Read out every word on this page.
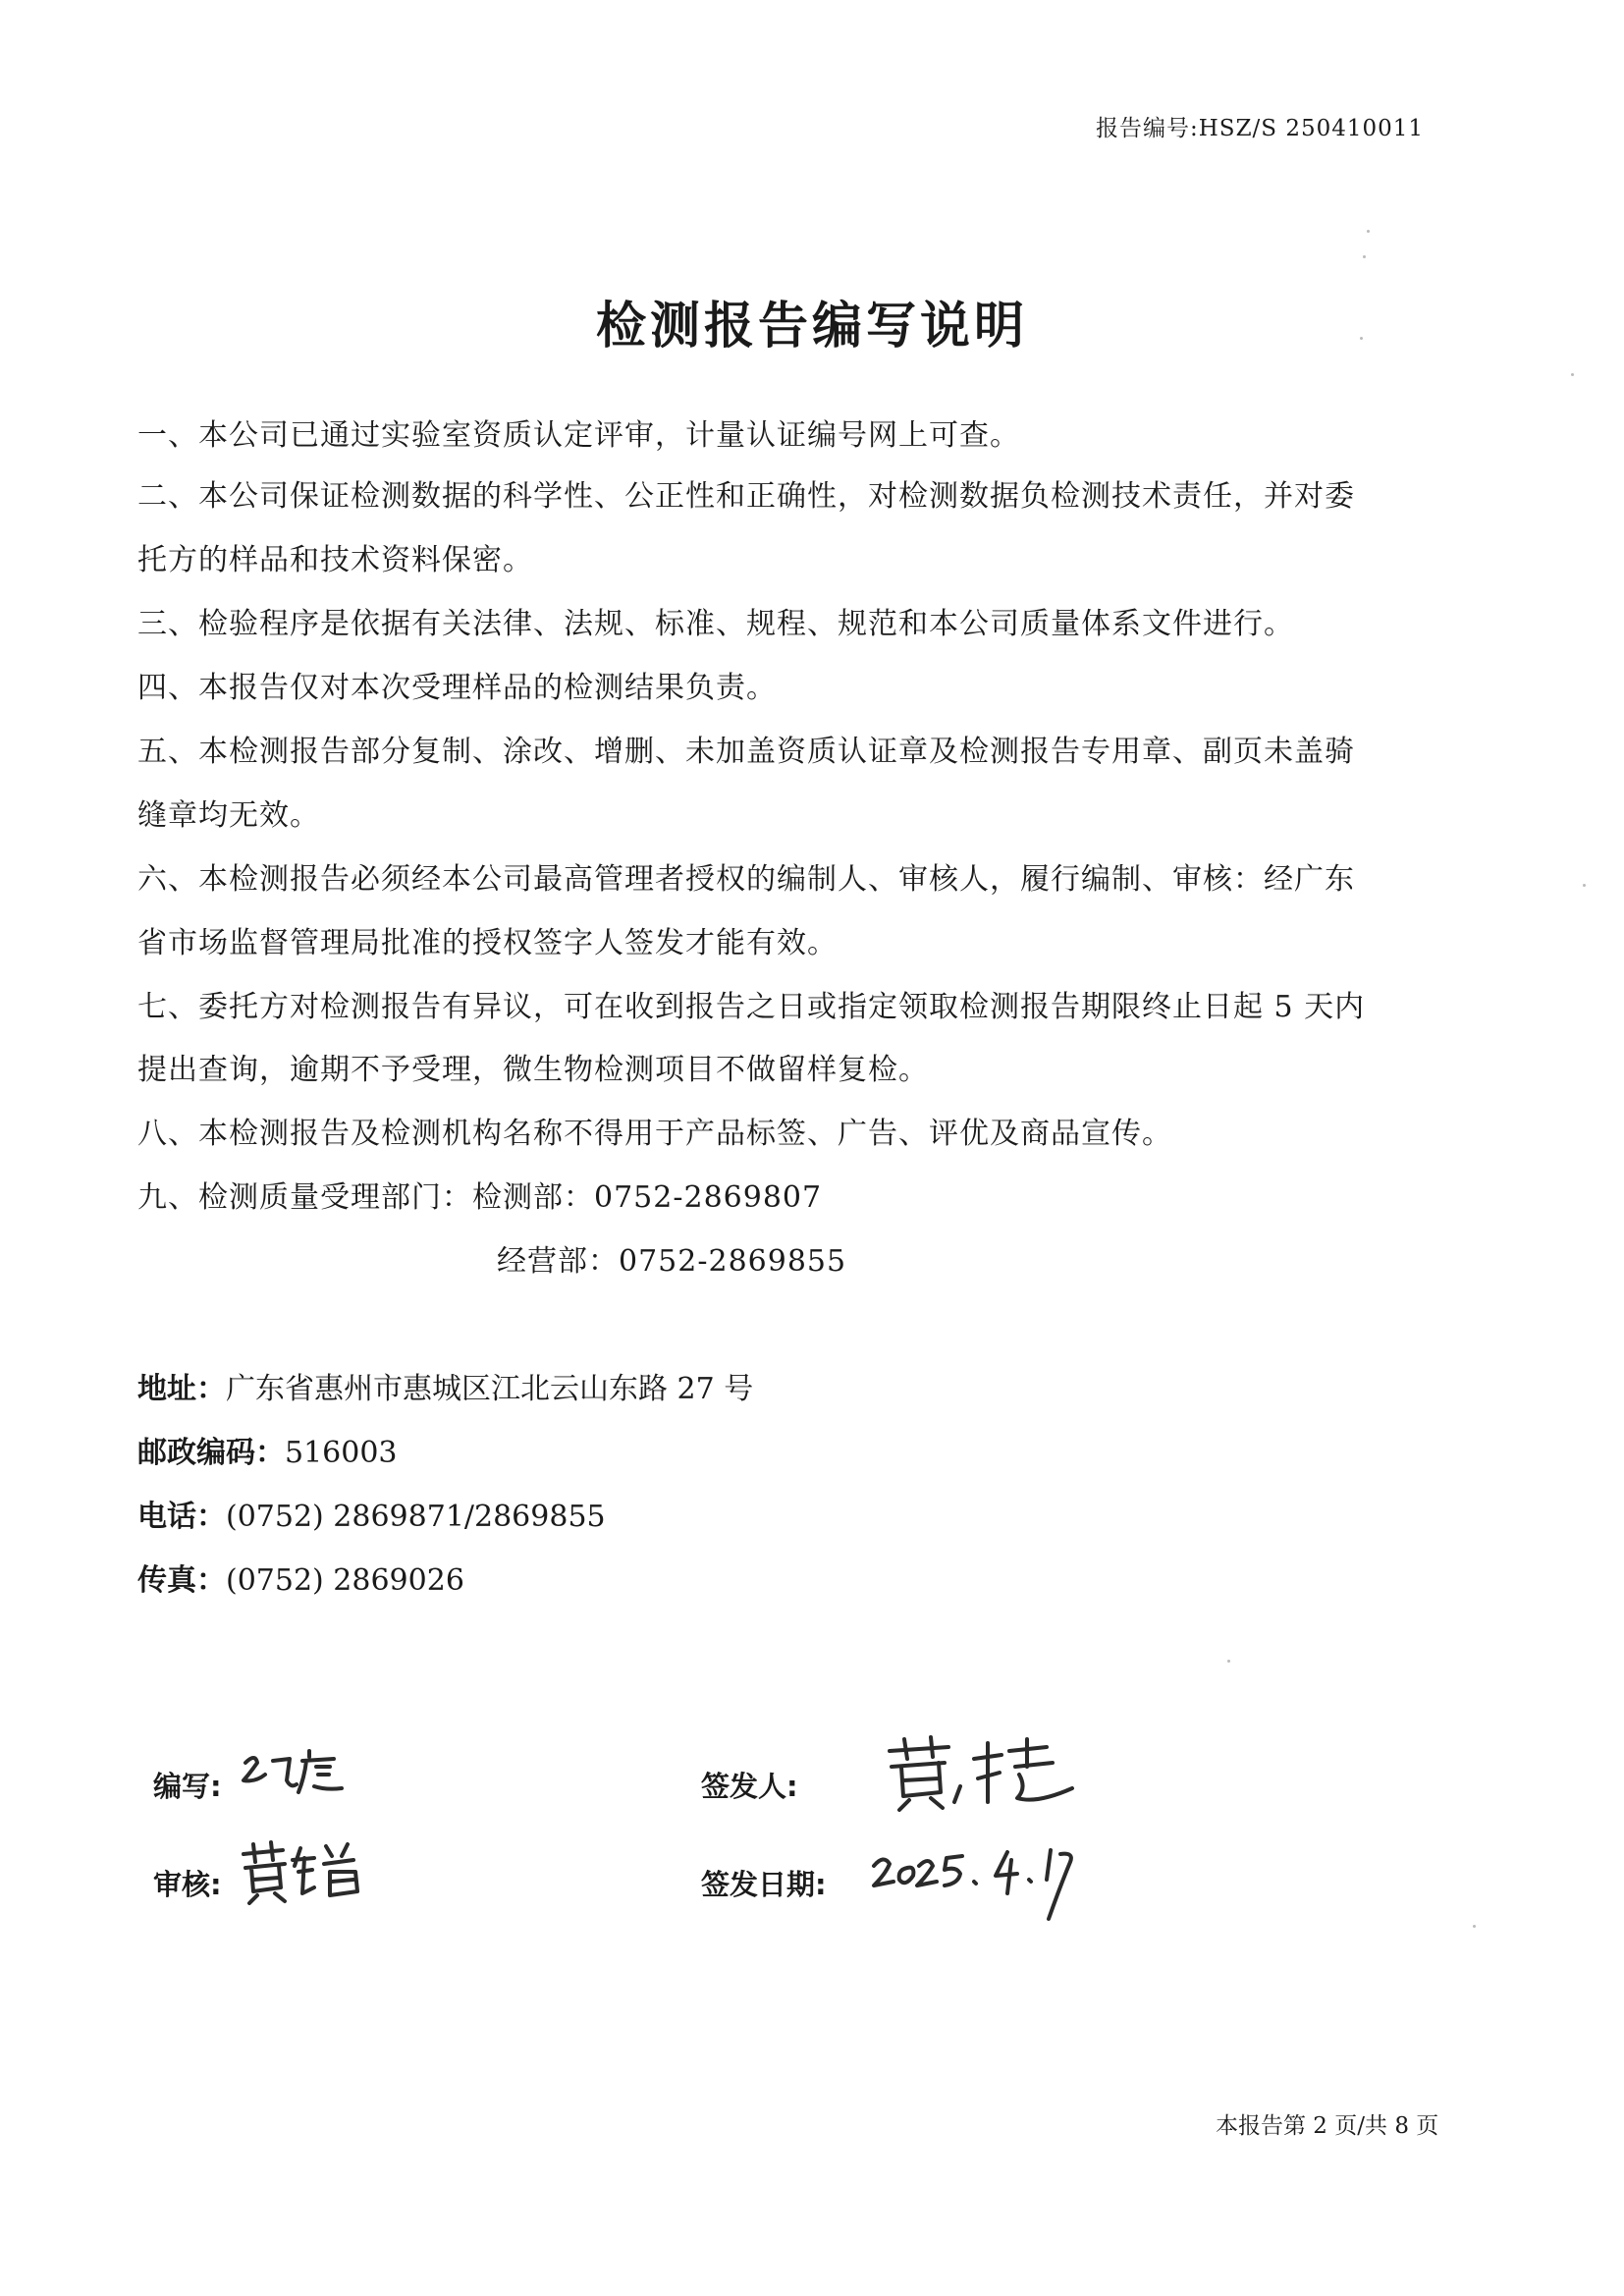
报告编号:HSZ/S 250410011
检测报告编写说明
一、本公司已通过实验室资质认定评审，计量认证编号网上可查。
二、本公司保证检测数据的科学性、公正性和正确性，对检测数据负检测技术责任，并对委
托方的样品和技术资料保密。
三、检验程序是依据有关法律、法规、标准、规程、规范和本公司质量体系文件进行。
四、本报告仅对本次受理样品的检测结果负责。
五、本检测报告部分复制、涂改、增删、未加盖资质认证章及检测报告专用章、副页未盖骑
缝章均无效。
六、本检测报告必须经本公司最高管理者授权的编制人、审核人，履行编制、审核：经广东
省市场监督管理局批准的授权签字人签发才能有效。
七、委托方对检测报告有异议，可在收到报告之日或指定领取检测报告期限终止日起 5 天内
提出查询，逾期不予受理，微生物检测项目不做留样复检。
八、本检测报告及检测机构名称不得用于产品标签、广告、评优及商品宣传。
九、检测质量受理部门：检测部：0752-2869807
经营部：0752-2869855
地址：广东省惠州市惠城区江北云山东路 27 号
邮政编码：516003
电话：(0752) 2869871/2869855
传真：(0752) 2869026
编写:	签发人:
审核:	签发日期:
本报告第 2 页/共 8 页
